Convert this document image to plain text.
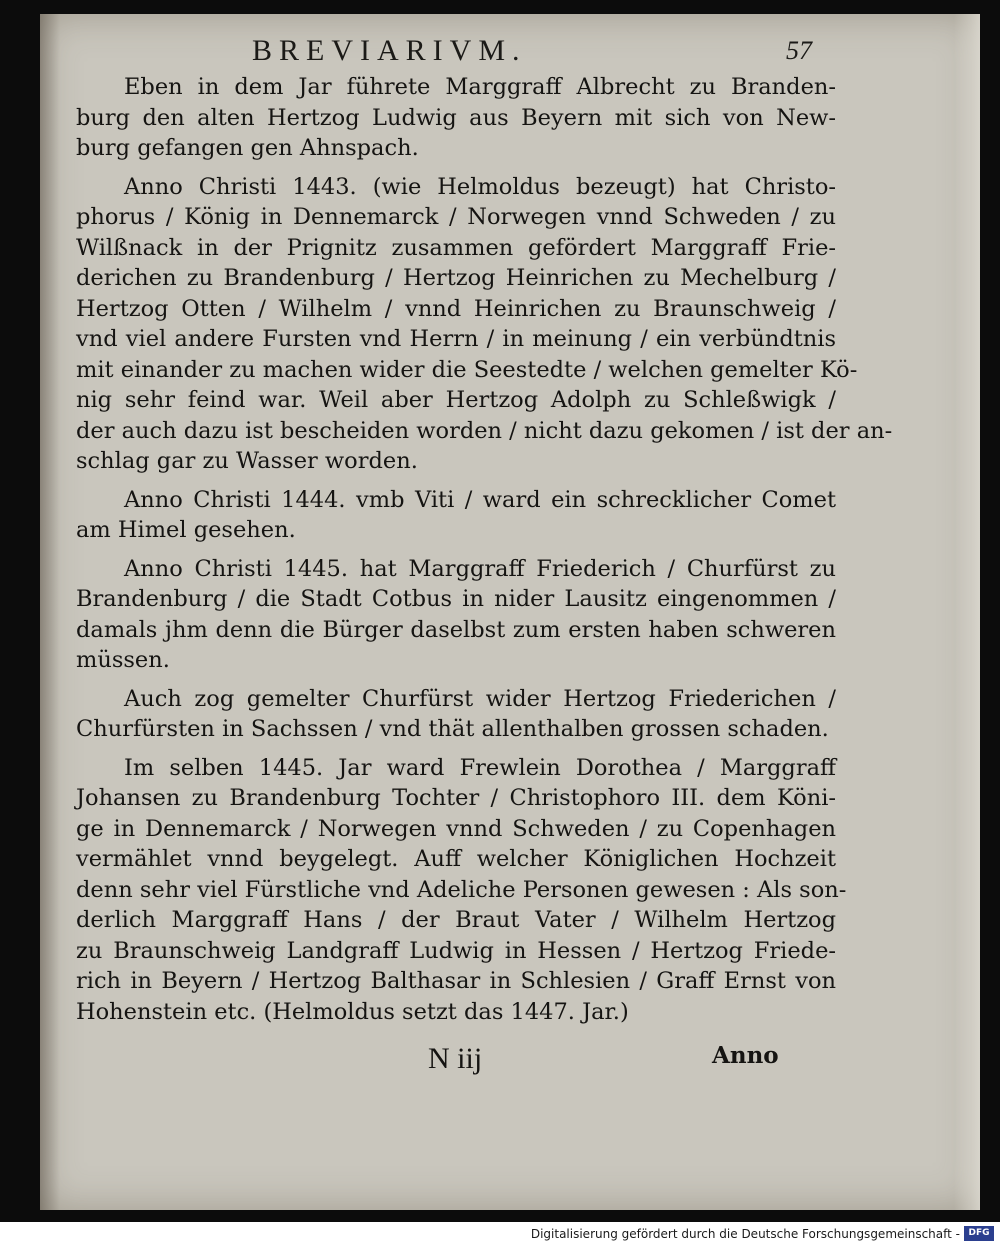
BREVIARIVM.	57
Eben in dem Jar führete Marggraff Albrecht zu Branden-
burg den alten Hertzog Ludwig aus Beyern mit sich von New-
burg gefangen gen Ahnspach.
Anno Christi 1443. (wie Helmoldus bezeugt) hat Christo-
phorus / König in Dennemarck / Norwegen vnnd Schweden / zu
Wilßnack in der Prignitz zusammen gefördert Marggraff Frie-
derichen zu Brandenburg / Hertzog Heinrichen zu Mechelburg /
Hertzog Otten / Wilhelm / vnnd Heinrichen zu Braunschweig /
vnd viel andere Fursten vnd Herrn / in meinung / ein verbündtnis
mit einander zu machen wider die Seestedte / welchen gemelter Kö-
nig sehr feind war. Weil aber Hertzog Adolph zu Schleßwigk /
der auch dazu ist bescheiden worden / nicht dazu gekomen / ist der an-
schlag gar zu Wasser worden.
Anno Christi 1444. vmb Viti / ward ein schrecklicher Comet
am Himel gesehen.
Anno Christi 1445. hat Marggraff Friederich / Churfürst zu
Brandenburg / die Stadt Cotbus in nider Lausitz eingenommen /
damals jhm denn die Bürger daselbst zum ersten haben schweren
müssen.
Auch zog gemelter Churfürst wider Hertzog Friederichen /
Churfürsten in Sachssen / vnd thät allenthalben grossen schaden.
Im selben 1445. Jar ward Frewlein Dorothea / Marggraff
Johansen zu Brandenburg Tochter / Christophoro III. dem Köni-
ge in Dennemarck / Norwegen vnnd Schweden / zu Copenhagen
vermählet vnnd beygelegt. Auff welcher Königlichen Hochzeit
denn sehr viel Fürstliche vnd Adeliche Personen gewesen : Als son-
derlich Marggraff Hans / der Braut Vater / Wilhelm Hertzog
zu Braunschweig Landgraff Ludwig in Hessen / Hertzog Friede-
rich in Beyern / Hertzog Balthasar in Schlesien / Graff Ernst von
Hohenstein etc. (Helmoldus setzt das 1447. Jar.)
N iij	Anno
Digitalisierung gefördert durch die Deutsche Forschungsgemeinschaft - DFG
